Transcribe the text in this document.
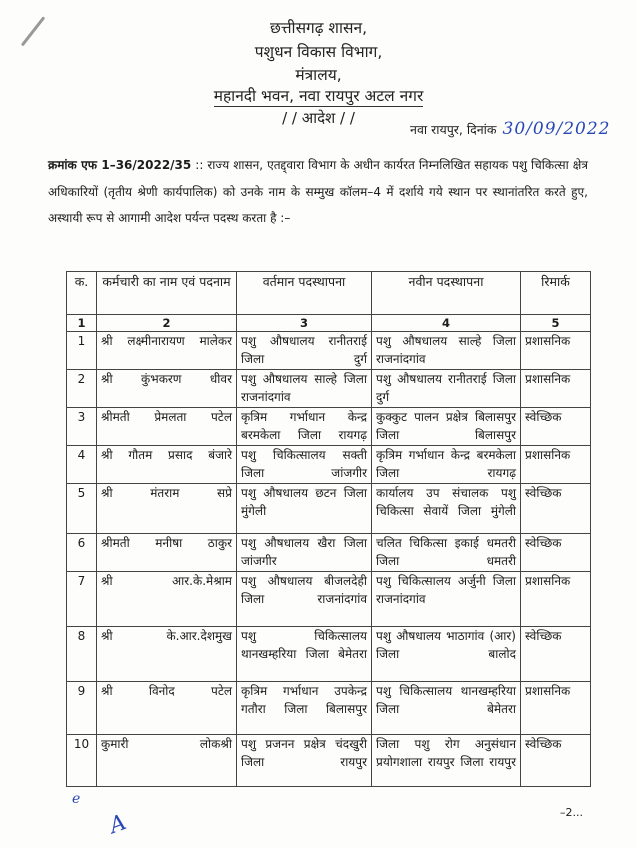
छत्तीसगढ़ शासन,
पशुधन विकास विभाग,
मंत्रालय,
महानदी भवन, नवा रायपुर अटल नगर
/ / आदेश / /
नवा रायपुर, दिनांक 30/09/2022
क्रमांक एफ 1–36/2022/35 :: राज्य शासन, एतद्द्वारा विभाग के अधीन कार्यरत निम्नलिखित सहायक पशु चिकित्सा क्षेत्र अधिकारियों (तृतीय श्रेणी कार्यपालिक) को उनके नाम के सम्मुख कॉलम–4 में दर्शाये गये स्थान पर स्थानांतरित करते हुए, अस्थायी रूप से आगामी आदेश पर्यन्त पदस्थ करता है :–
क.	कर्मचारी का नाम एवं पदनाम	वर्तमान पदस्थापना	नवीन पदस्थापना	रिमार्क
1	2	3	4	5
1	श्री लक्ष्मीनारायण मालेकर	पशु औषधालय रानीतराई जिला दुर्ग	पशु औषधालय साल्हे जिला राजनांदगांव	प्रशासनिक
2	श्री कुंभकरण धीवर	पशु औषधालय साल्हे जिला राजनांदगांव	पशु औषधालय रानीतराई जिला दुर्ग	प्रशासनिक
3	श्रीमती प्रेमलता पटेल	कृत्रिम गर्भाधान केन्द्र बरमकेला जिला रायगढ़	कुक्कुट पालन प्रक्षेत्र बिलासपुर जिला बिलासपुर	स्वेच्छिक
4	श्री गौतम प्रसाद बंजारे	पशु चिकित्सालय सक्ती जिला जांजगीर	कृत्रिम गर्भाधान केन्द्र बरमकेला जिला रायगढ़	प्रशासनिक
5	श्री मंतराम सप्रे	पशु औषधालय छटन जिला मुंगेली	कार्यालय उप संचालक पशु चिकित्सा सेवायें जिला मुंगेली	स्वेच्छिक
6	श्रीमती मनीषा ठाकुर	पशु औषधालय खैरा जिला जांजगीर	चलित चिकित्सा इकाई धमतरी जिला धमतरी	स्वेच्छिक
7	श्री आर.के.मेश्राम	पशु औषधालय बीजलदेही जिला राजनांदगांव	पशु चिकित्सालय अर्जुनी जिला राजनांदगांव	प्रशासनिक
8	श्री के.आर.देशमुख	पशु चिकित्सालय थानखम्हरिया जिला बेमेतरा	पशु औषधालय भाठागांव (आर) जिला बालोद	स्वेच्छिक
9	श्री विनोद पटेल	कृत्रिम गर्भाधान उपकेन्द्र गतौरा जिला बिलासपुर	पशु चिकित्सालय थानखम्हरिया जिला बेमेतरा	प्रशासनिक
10	कुमारी लोकश्री	पशु प्रजनन प्रक्षेत्र चंदखुरी जिला रायपुर	जिला पशु रोग अनुसंधान प्रयोगशाला रायपुर जिला रायपुर	स्वेच्छिक
e
A	–2...
